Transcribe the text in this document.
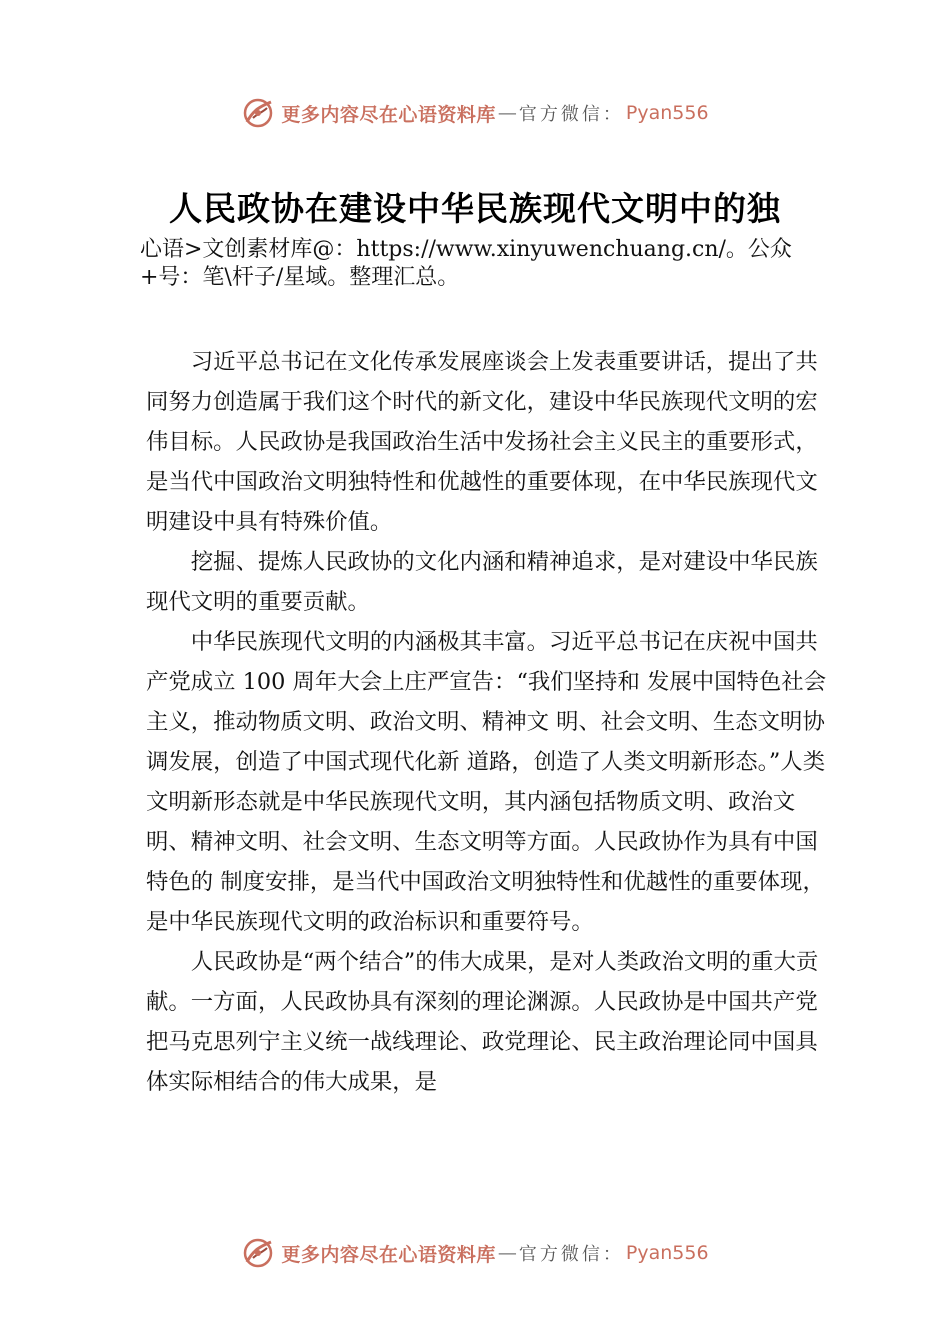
更多内容尽在心语资料库 — 官方微信： Pyan556
人民政协在建设中华民族现代文明中的独
心语>文创素材库@：https://www.xinyuwenchuang.cn/。公众+号：笔\杆子/星域。整理汇总。

习近平总书记在文化传承发展座谈会上发表重要讲话，提出了共同努力创造属于我们这个时代的新文化，建设中华民族现代文明的宏伟目标。人民政协是我国政治生活中发扬社会主义民主的重要形式，是当代中国政治文明独特性和优越性的重要体现，在中华民族现代文明建设中具有特殊价值。

挖掘、提炼人民政协的文化内涵和精神追求，是对建设中华民族现代文明的重要贡献。

中华民族现代文明的内涵极其丰富。习近平总书记在庆祝中国共产党成立 100 周年大会上庄严宣告：“我们坚持和 发展中国特色社会主义，推动物质文明、政治文明、精神文 明、社会文明、生态文明协调发展，创造了中国式现代化新 道路，创造了人类文明新形态。”人类文明新形态就是中华民族现代文明，其内涵包括物质文明、政治文明、精神文明、社会文明、生态文明等方面。人民政协作为具有中国特色的 制度安排，是当代中国政治文明独特性和优越性的重要体现， 是中华民族现代文明的政治标识和重要符号。

人民政协是“两个结合”的伟大成果，是对人类政治文明的重大贡献。一方面，人民政协具有深刻的理论渊源。人民政协是中国共产党把马克思列宁主义统一战线理论、政党理论、民主政治理论同中国具体实际相结合的伟大成果，是

更多内容尽在心语资料库 — 官方微信： Pyan556
